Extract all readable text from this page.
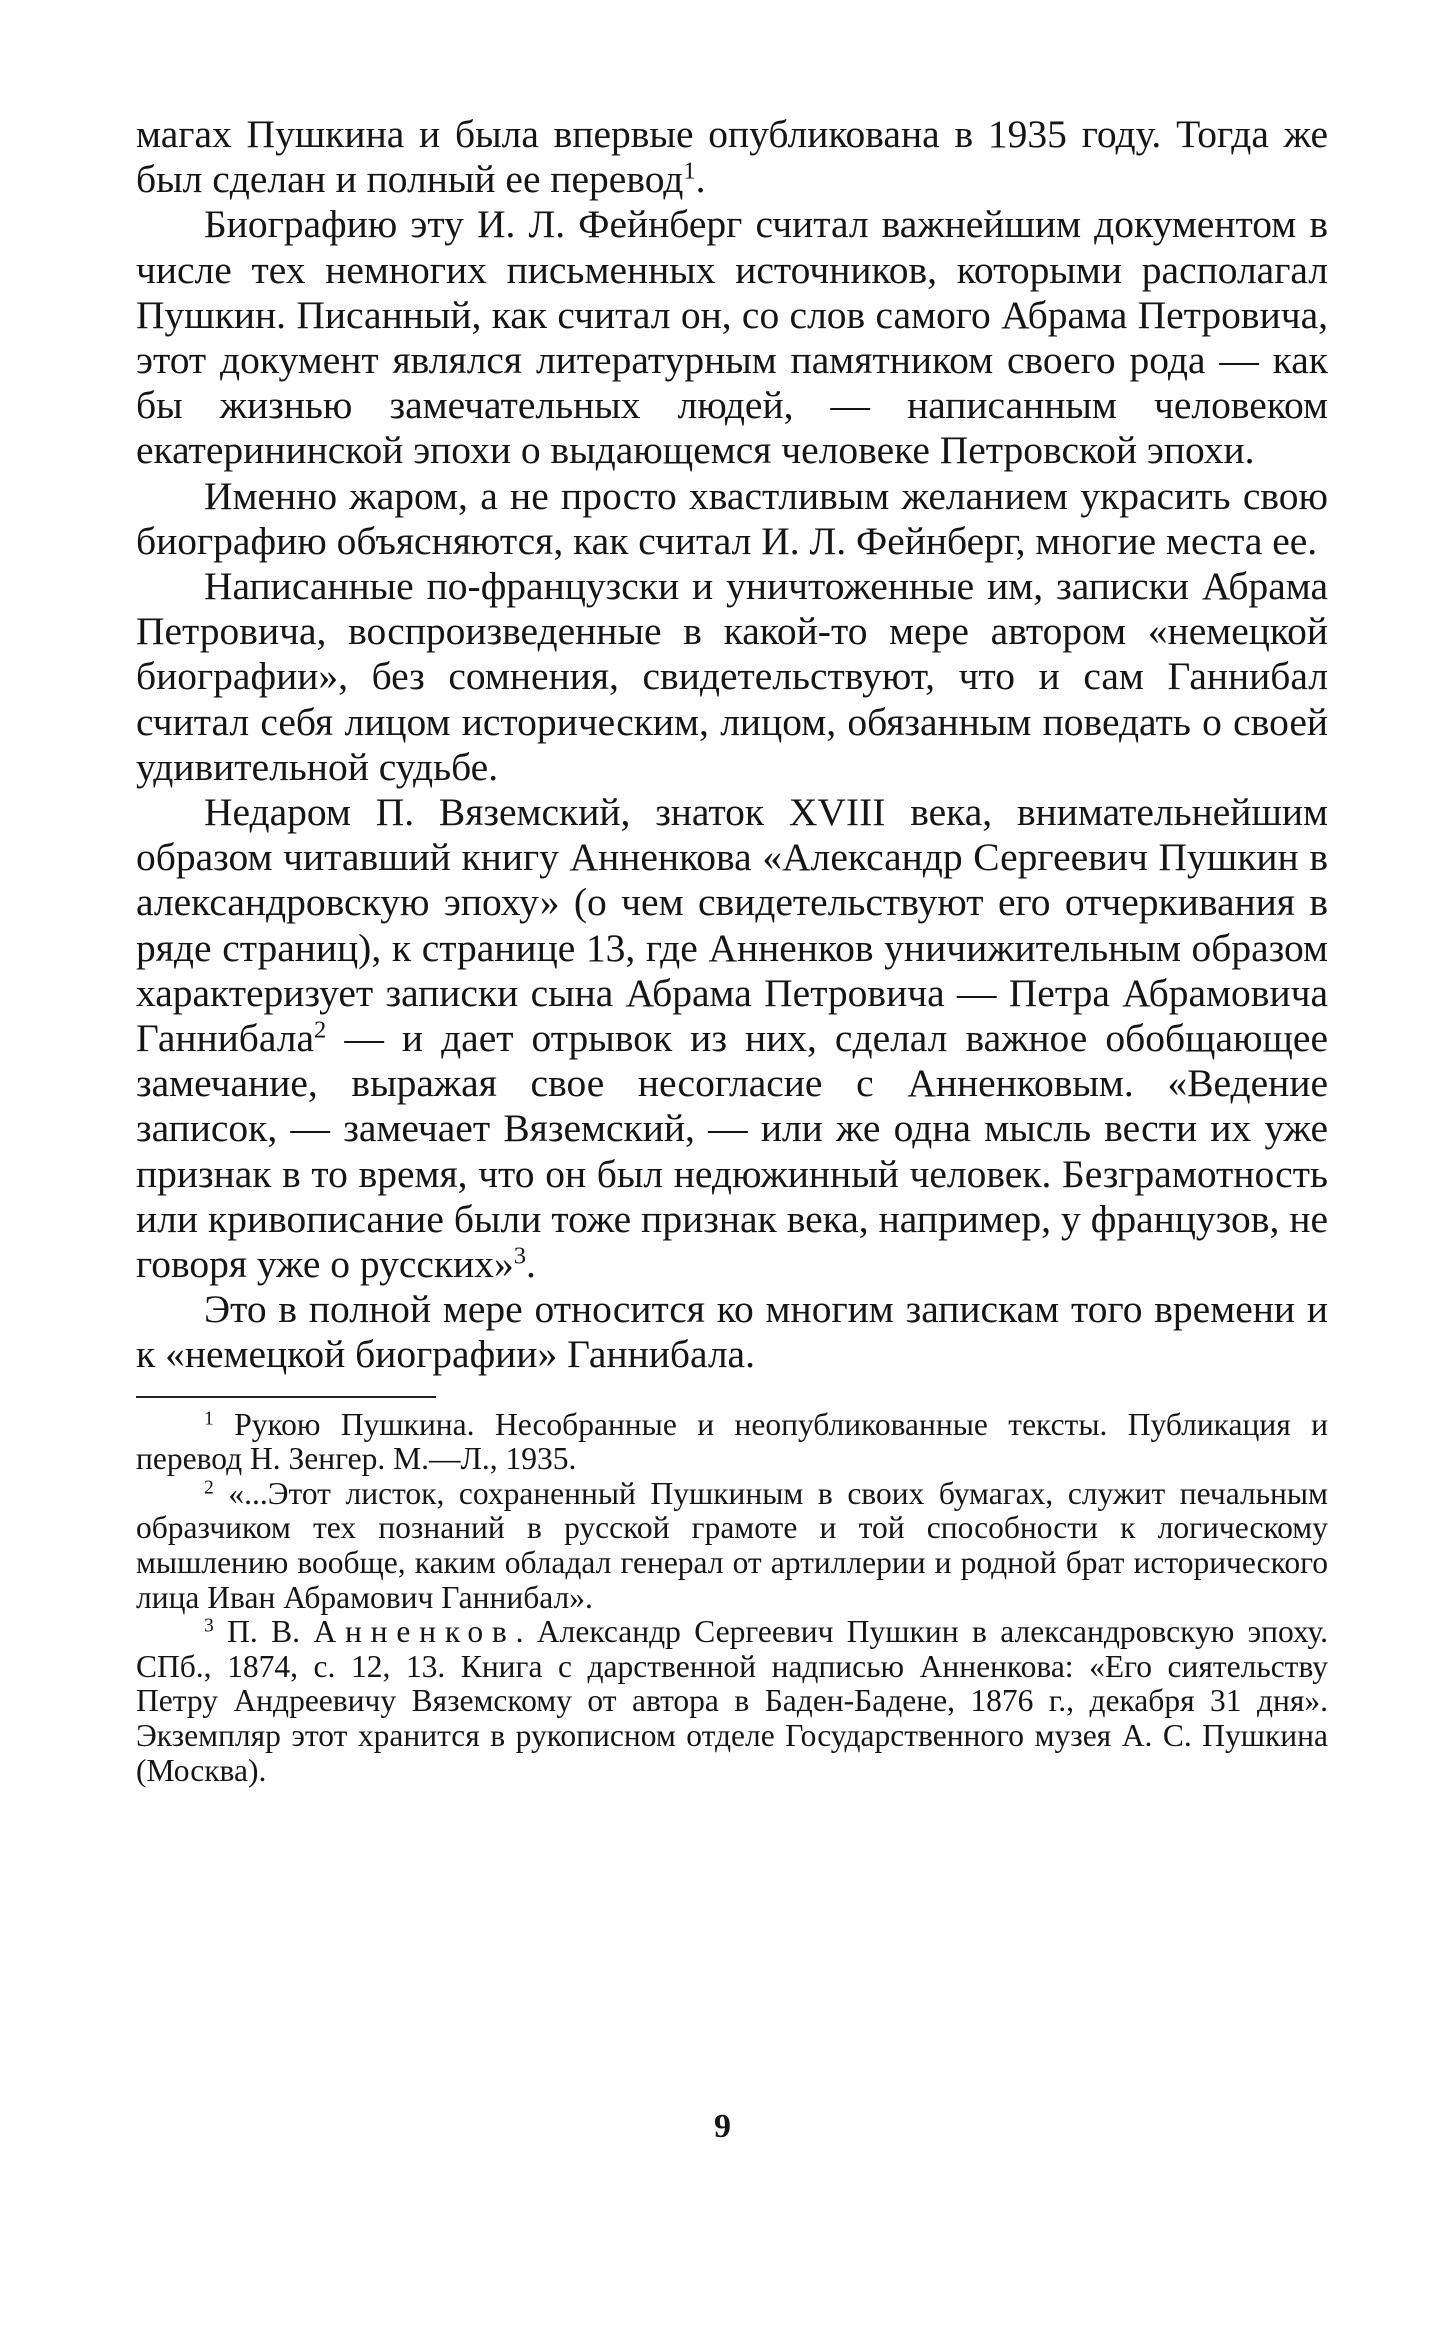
магах Пушкина и была впервые опубликована в 1935 году. Тогда же был сделан и полный ее перевод$^1$.

Биографию эту И. Л. Фейнберг считал важнейшим документом в числе тех немногих письменных источников, которыми располагал Пушкин. Писанный, как считал он, со слов самого Абрама Петровича, этот документ являлся литературным памятником своего рода — как бы жизнью замечательных людей, — написанным человеком екатерининской эпохи о выдающемся человеке Петровской эпохи.

Именно жаром, а не просто хвастливым желанием украсить свою биографию объясняются, как считал И. Л. Фейнберг, многие места ее.

Написанные по-французски и уничтоженные им, записки Абрама Петровича, воспроизведенные в какой-то мере автором «немецкой биографии», без сомнения, свидетельствуют, что и сам Ганнибал считал себя лицом историческим, лицом, обязанным поведать о своей удивительной судьбе.

Недаром П. Вяземский, знаток XVIII века, внимательнейшим образом читавший книгу Анненкова «Александр Сергеевич Пушкин в александровскую эпоху» (о чем свидетельствуют его отчеркивания в ряде страниц), к странице 13, где Анненков уничижительным образом характеризует записки сына Абрама Петровича — Петра Абрамовича Ганнибала$^2$ — и дает отрывок из них, сделал важное обобщающее замечание, выражая свое несогласие с Анненковым. «Ведение записок, — замечает Вяземский, — или же одна мысль вести их уже признак в то время, что он был недюжинный человек. Безграмотность или кривописание были тоже признак века, например, у французов, не говоря уже о русских»$^3$.

Это в полной мере относится ко многим запискам того времени и к «немецкой биографии» Ганнибала.

$^1$ Рукою Пушкина. Несобранные и неопубликованные тексты. Публикация и перевод Н. Зенгер. М.—Л., 1935.

$^2$ «...Этот листок, сохраненный Пушкиным в своих бумагах, служит печальным образчиком тех познаний в русской грамоте и той способности к логическому мышлению вообще, каким обладал генерал от артиллерии и родной брат исторического лица Иван Абрамович Ганнибал».

$^3$ П. В. Анненков. Александр Сергеевич Пушкин в александровскую эпоху. СПб., 1874, с. 12, 13. Книга с дарственной надписью Анненкова: «Его сиятельству Петру Андреевичу Вяземскому от автора в Баден-Бадене, 1876 г., декабря 31 дня». Экземпляр этот хранится в рукописном отделе Государственного музея А. С. Пушкина (Москва).

9
